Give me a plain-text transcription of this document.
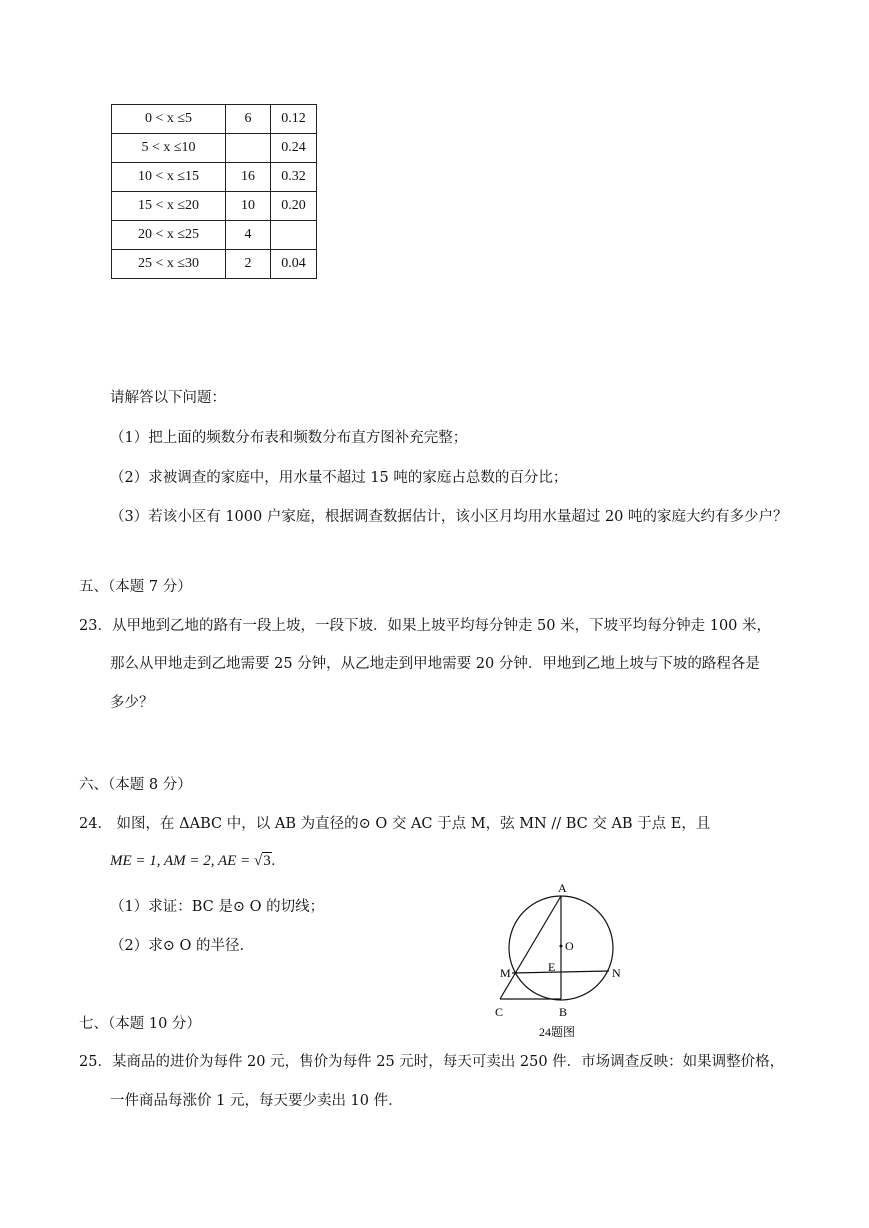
0 < x ≤5	6	0.12
5 < x ≤10		0.24
10 < x ≤15	16	0.32
15 < x ≤20	10	0.20
20 < x ≤25	4	
25 < x ≤30	2	0.04
请解答以下问题：
（1）把上面的频数分布表和频数分布直方图补充完整；
（2）求被调查的家庭中，用水量不超过 15 吨的家庭占总数的百分比；
（3）若该小区有 1000 户家庭，根据调查数据估计，该小区月均用水量超过 20 吨的家庭大约有多少户？
五、（本题 7 分）
23．从甲地到乙地的路有一段上坡，一段下坡．如果上坡平均每分钟走 50 米，下坡平均每分钟走 100 米，
那么从甲地走到乙地需要 25 分钟，从乙地走到甲地需要 20 分钟．甲地到乙地上坡与下坡的路程各是
多少？
六、（本题 8 分）
24． 如图，在 ΔABC 中，以 AB 为直径的⊙ O 交 AC 于点 M，弦 MN // BC 交 AB 于点 E，且
ME = 1, AM = 2, AE = √3.
（1）求证：BC 是⊙ O 的切线；
（2）求⊙ O 的半径.
A
O
E
M	N
C	B
24题图
七、（本题 10 分）
25．某商品的进价为每件 20 元，售价为每件 25 元时，每天可卖出 250 件．市场调查反映：如果调整价格，
一件商品每涨价 1 元，每天要少卖出 10 件．
